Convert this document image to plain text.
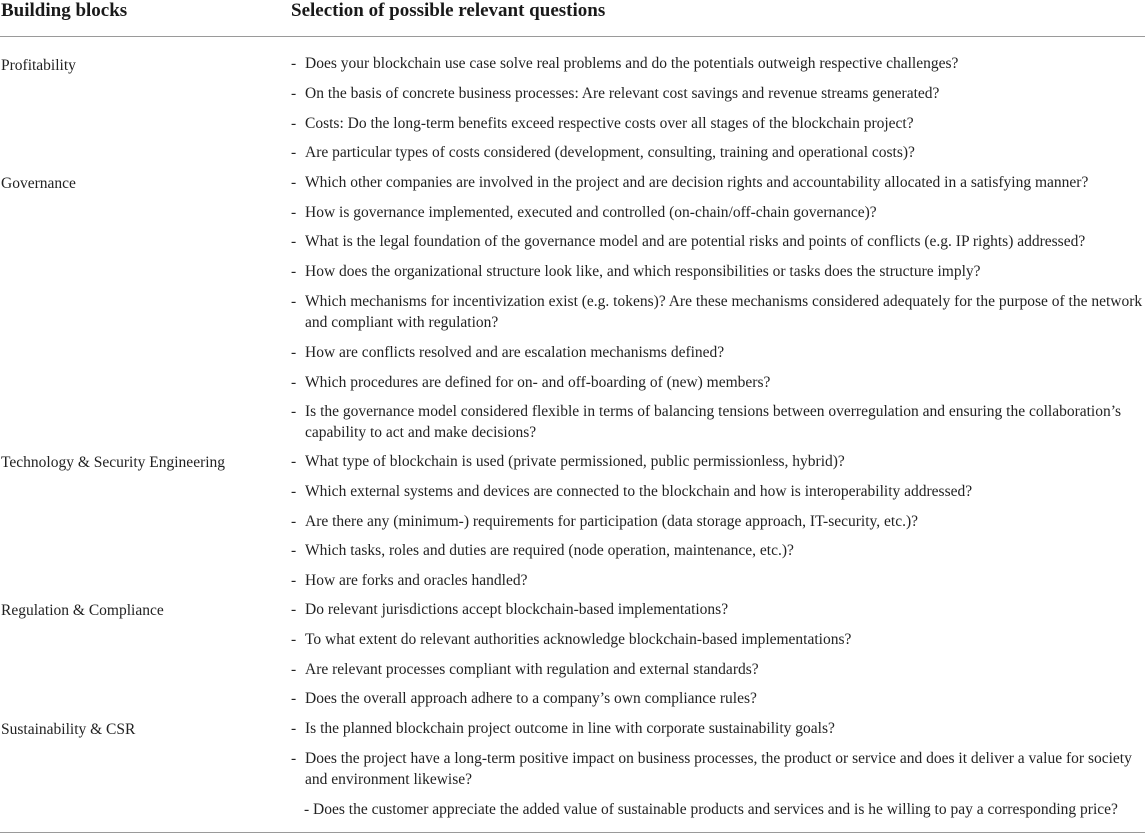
Building blocks	Selection of possible relevant questions
Profitability	- Does your blockchain use case solve real problems and do the potentials outweigh respective challenges?
- On the basis of concrete business processes: Are relevant cost savings and revenue streams generated?
- Costs: Do the long-term benefits exceed respective costs over all stages of the blockchain project?
- Are particular types of costs considered (development, consulting, training and operational costs)?
Governance	- Which other companies are involved in the project and are decision rights and accountability allocated in a satisfying manner?
- How is governance implemented, executed and controlled (on-chain/off-chain governance)?
- What is the legal foundation of the governance model and are potential risks and points of conflicts (e.g. IP rights) addressed?
- How does the organizational structure look like, and which responsibilities or tasks does the structure imply?
- Which mechanisms for incentivization exist (e.g. tokens)? Are these mechanisms considered adequately for the purpose of the network and compliant with regulation?
- How are conflicts resolved and are escalation mechanisms defined?
- Which procedures are defined for on- and off-boarding of (new) members?
- Is the governance model considered flexible in terms of balancing tensions between overregulation and ensuring the collaboration’s capability to act and make decisions?
Technology & Security Engineering	- What type of blockchain is used (private permissioned, public permissionless, hybrid)?
- Which external systems and devices are connected to the blockchain and how is interoperability addressed?
- Are there any (minimum-) requirements for participation (data storage approach, IT-security, etc.)?
- Which tasks, roles and duties are required (node operation, maintenance, etc.)?
- How are forks and oracles handled?
Regulation & Compliance	- Do relevant jurisdictions accept blockchain-based implementations?
- To what extent do relevant authorities acknowledge blockchain-based implementations?
- Are relevant processes compliant with regulation and external standards?
- Does the overall approach adhere to a company’s own compliance rules?
Sustainability & CSR	- Is the planned blockchain project outcome in line with corporate sustainability goals?
- Does the project have a long-term positive impact on business processes, the product or service and does it deliver a value for society and environment likewise?
- Does the customer appreciate the added value of sustainable products and services and is he willing to pay a corresponding price?
